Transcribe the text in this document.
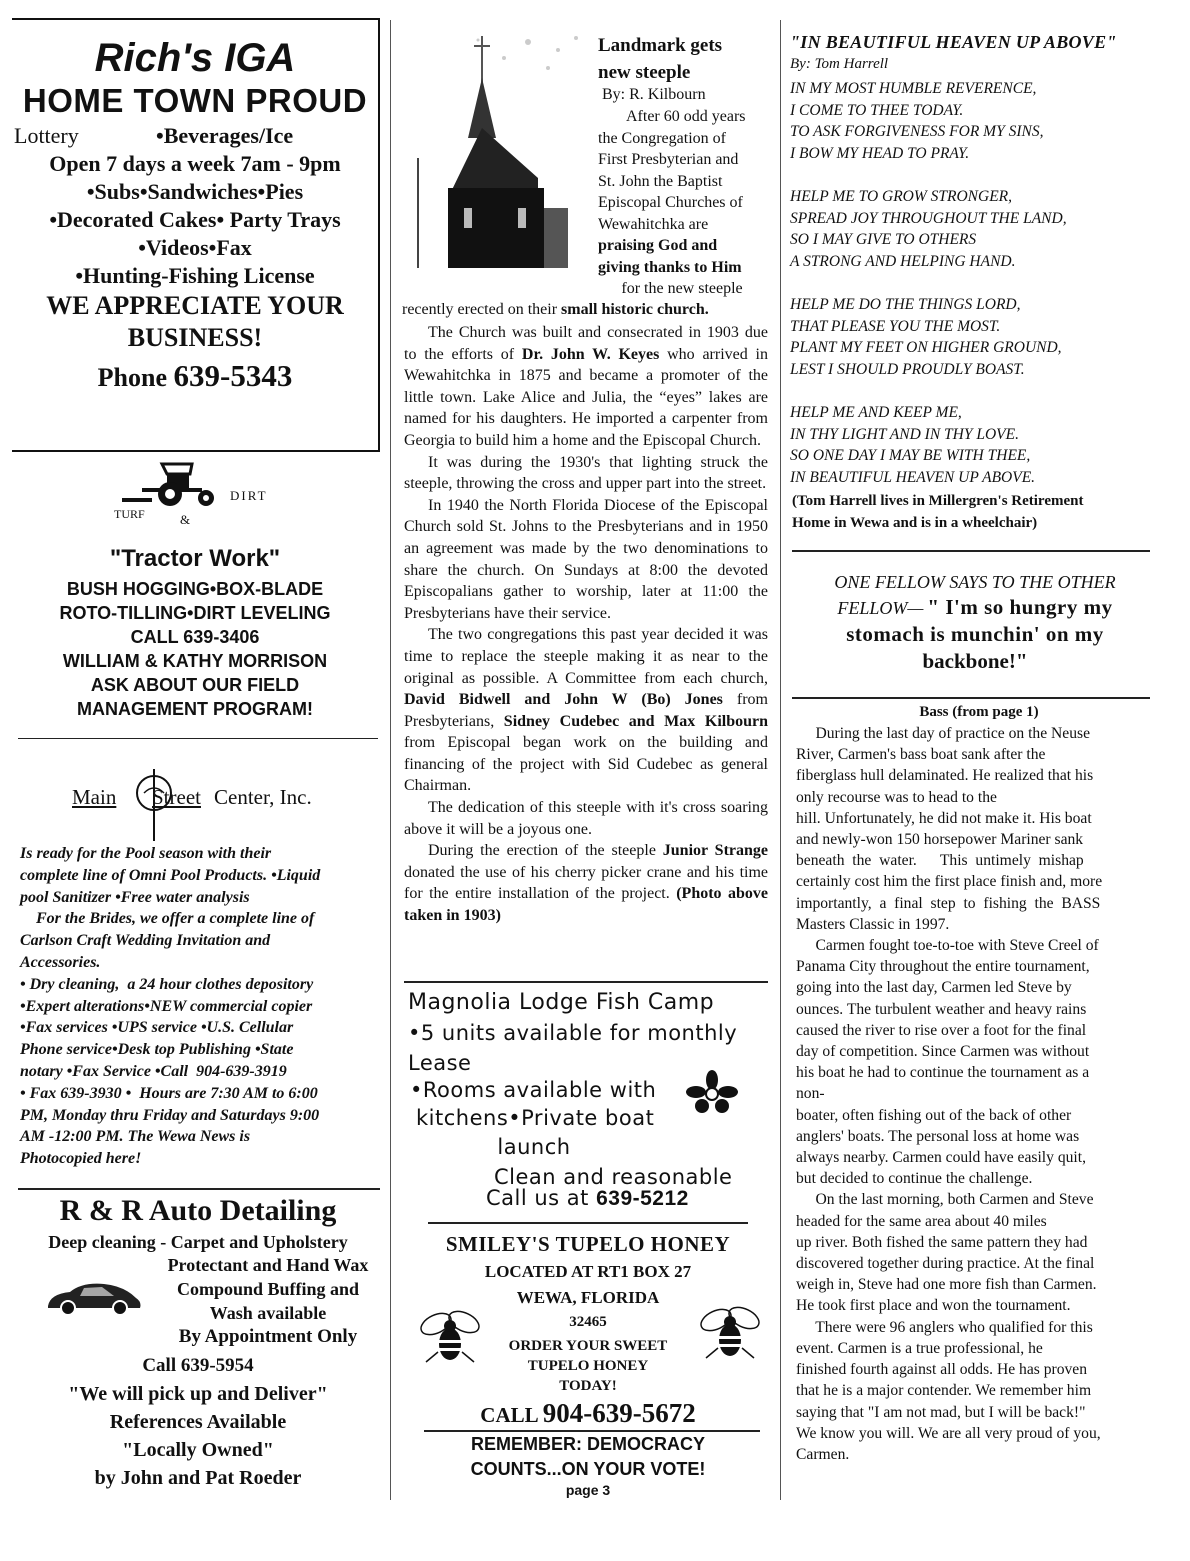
Rich's IGA
HOME TOWN PROUD
Lottery	•Beverages/Ice
Open 7 days a week 7am - 9pm
•Subs•Sandwiches•Pies
•Decorated Cakes• Party Trays
•Videos•Fax
•Hunting-Fishing License
WE APPRECIATE YOUR
BUSINESS!
Phone 639-5343
TURF	&
DIRT
"Tractor Work"
BUSH HOGGING•BOX-BLADE
ROTO-TILLING•DIRT LEVELING
CALL 639-3406
WILLIAM & KATHY MORRISON
ASK ABOUT OUR FIELD
MANAGEMENT PROGRAM!
Main Street Center, Inc.
Is ready for the Pool season with their
complete line of Omni Pool Products. •Liquid
pool Sanitizer •Free water analysis
For the Brides, we offer a complete line of
Carlson Craft Wedding Invitation and
Accessories.
• Dry cleaning,  a 24 hour clothes depository
•Expert alterations•NEW commercial copier
•Fax services •UPS service •U.S. Cellular
Phone service•Desk top Publishing •State
notary •Fax Service •Call  904-639-3919
• Fax 639-3930 •  Hours are 7:30 AM to 6:00
PM, Monday thru Friday and Saturdays 9:00
AM -12:00 PM. The Wewa News is
Photocopied here!
R & R Auto Detailing
Deep cleaning - Carpet and Upholstery
Protectant and Hand Wax
Compound Buffing and
Wash available
By Appointment Only
Call 639-5954
"We will pick up and Deliver"
References Available
"Locally Owned"
by John and Pat Roeder
Landmark gets
new steeple
By: R. Kilbourn
After 60 odd years
the Congregation of
First Presbyterian and
St. John the Baptist
Episcopal Churches of
Wewahitchka are
praising God and
giving thanks to Him
for the new steeple
recently erected on their small historic church.

The Church was built and consecrated in 1903 due to the efforts of Dr. John W. Keyes who arrived in Wewahitchka in 1875 and became a promoter of the little town. Lake Alice and Julia, the “eyes” lakes are named for his daughters. He imported a carpenter from Georgia to build him a home and the Episcopal Church.

It was during the 1930's that lighting struck the steeple, throwing the cross and upper part into the street.

In 1940 the North Florida Diocese of the Episcopal Church sold St. Johns to the Presbyterians and in 1950 an agreement was made by the two denominations to share the church. On Sundays at 8:00 the devoted Episcopalians gather to worship, later at 11:00 the Presbyterians have their service.

The two congregations this past year decided it was time to replace the steeple making it as near to the original as possible. A Committee from each church, David Bidwell and John W (Bo) Jones from Presbyterians, Sidney Cudebec and Max Kilbourn from Episcopal began work on the building and financing of the project with Sid Cudebec as general Chairman.

The dedication of this steeple with it's cross soaring above it will be a joyous one.

During the erection of the steeple Junior Strange donated the use of his cherry picker crane and his time for the entire installation of the project. (Photo above taken in 1903)

Magnolia Lodge Fish Camp
•5 units available for monthly
Lease
•Rooms available with
kitchens•Private boat
launch
Clean and reasonable
Call us at 639-5212
SMILEY'S TUPELO HONEY
LOCATED AT RT1 BOX 27
WEWA, FLORIDA
32465
ORDER YOUR SWEET
TUPELO HONEY
TODAY!
CALL 904-639-5672
REMEMBER: DEMOCRACY
COUNTS...ON YOUR VOTE!
page 3
"IN BEAUTIFUL HEAVEN UP ABOVE"
By: Tom Harrell
IN MY MOST HUMBLE REVERENCE,
I COME TO THEE TODAY.
TO ASK FORGIVENESS FOR MY SINS,
I BOW MY HEAD TO PRAY.
HELP ME TO GROW STRONGER,
SPREAD JOY THROUGHOUT THE LAND,
SO I MAY GIVE TO OTHERS
A STRONG AND HELPING HAND.
HELP ME DO THE THINGS LORD,
THAT PLEASE YOU THE MOST.
PLANT MY FEET ON HIGHER GROUND,
LEST I SHOULD PROUDLY BOAST.
HELP ME AND KEEP ME,
IN THY LIGHT AND IN THY LOVE.
SO ONE DAY I MAY BE WITH THEE,
IN BEAUTIFUL HEAVEN UP ABOVE.
(Tom Harrell lives in Millergren's Retirement
Home in Wewa and is in a wheelchair)
ONE FELLOW SAYS TO THE OTHER
FELLOW— " I'm so hungry my
stomach is munchin' on my
backbone!"
Bass (from page 1)
During the last day of practice on the Neuse
River, Carmen's bass boat sank after the
fiberglass hull delaminated. He realized that his
only recourse was to head to the
hill. Unfortunately, he did not make it. His boat
and newly-won 150 horsepower Mariner sank
beneath  the  water.      This  untimely  mishap
certainly cost him the first place finish and, more
importantly,  a  final  step  to  fishing  the  BASS
Masters Classic in 1997.
Carmen fought toe-to-toe with Steve Creel of
Panama City throughout the entire tournament,
going into the last day, Carmen led Steve by
ounces. The turbulent weather and heavy rains
caused the river to rise over a foot for the final
day of competition. Since Carmen was without
his boat he had to continue the tournament as a
non-
boater, often fishing out of the back of other
anglers' boats. The personal loss at home was
always nearby. Carmen could have easily quit,
but decided to continue the challenge.
On the last morning, both Carmen and Steve
headed for the same area about 40 miles
up river. Both fished the same pattern they had
discovered together during practice. At the final
weigh in, Steve had one more fish than Carmen.
He took first place and won the tournament.
There were 96 anglers who qualified for this
event. Carmen is a true professional, he
finished fourth against all odds. He has proven
that he is a major contender. We remember him
saying that "I am not mad, but I will be back!"
We know you will. We are all very proud of you,
Carmen.
